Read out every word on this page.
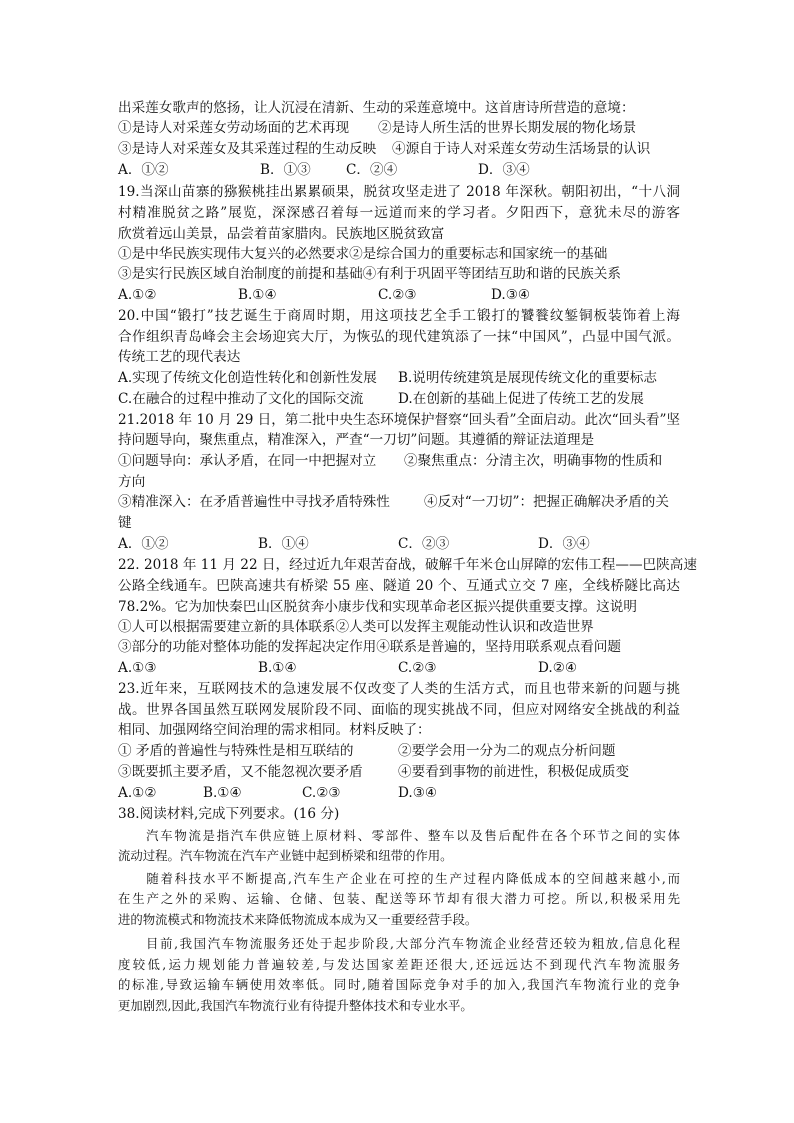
出采莲女歌声的悠扬，让人沉浸在清新、生动的采莲意境中。这首唐诗所营造的意境：
①是诗人对采莲女劳动场面的艺术再现 ②是诗人所生活的世界长期发展的物化场景
③是诗人对采莲女及其采莲过程的生动反映 ④源自于诗人对采莲女劳动生活场景的认识
A．①②	B．①③	C．②④	D．③④
19.当深山苗寨的猕猴桃挂出累累硕果，脱贫攻坚走进了 2018 年深秋。朝阳初出，“十八洞
村精准脱贫之路”展览，深深感召着每一远道而来的学习者。夕阳西下，意犹未尽的游客
欣赏着远山美景，品尝着苗家腊肉。民族地区脱贫致富
①是中华民族实现伟大复兴的必然要求②是综合国力的重要标志和国家统一的基础
③是实行民族区域自治制度的前提和基础④有利于巩固平等团结互助和谐的民族关系
A.①②	B.①④	C.②③	D.③④
20.中国“锻打”技艺诞生于商周时期，用这项技艺全手工锻打的饕餮纹錾铜板装饰着上海
合作组织青岛峰会主会场迎宾大厅，为恢弘的现代建筑添了一抹“中国风”，凸显中国气派。
传统工艺的现代表达
A.实现了传统文化创造性转化和创新性发展 B.说明传统建筑是展现传统文化的重要标志
C.在融合的过程中推动了文化的国际交流	D.在创新的基础上促进了传统工艺的发展
21.2018 年 10 月 29 日，第二批中央生态环境保护督察“回头看”全面启动。此次“回头看”坚
持问题导向，聚焦重点，精准深入，严查“一刀切”问题。其遵循的辩证法道理是
①问题导向：承认矛盾，在同一中把握对立 ②聚焦重点：分清主次，明确事物的性质和
方向
③精准深入：在矛盾普遍性中寻找矛盾特殊性	④反对“一刀切”：把握正确解决矛盾的关
键
A．①②	B．①④	C．②③	D．③④
22. 2018 年 11 月 22 日，经过近九年艰苦奋战，破解千年米仓山屏障的宏伟工程——巴陕高速
公路全线通车。巴陕高速共有桥梁 55 座、隧道 20 个、互通式立交 7 座，全线桥隧比高达
78.2%。它为加快秦巴山区脱贫奔小康步伐和实现革命老区振兴提供重要支撑。这说明
①人可以根据需要建立新的具体联系②人类可以发挥主观能动性认识和改造世界
③部分的功能对整体功能的发挥起决定作用④联系是普遍的，坚持用联系观点看问题
A.①③	B.①④	C.②③	D.②④
23.近年来，互联网技术的急速发展不仅改变了人类的生活方式，而且也带来新的问题与挑
战。世界各国虽然互联网发展阶段不同、面临的现实挑战不同，但应对网络安全挑战的利益
相同、加强网络空间治理的需求相同。材料反映了：
① 矛盾的普遍性与特殊性是相互联结的	②要学会用一分为二的观点分析问题
③既要抓主要矛盾，又不能忽视次要矛盾	④要看到事物的前进性，积极促成质变
A.①②	B.①④	C.②③	D.③④
38.阅读材料,完成下列要求。(16 分)
　　汽车物流是指汽车供应链上原材料、零部件、整车以及售后配件在各个环节之间的实体
流动过程。汽车物流在汽车产业链中起到桥梁和纽带的作用。
　　随着科技水平不断提高,汽车生产企业在可控的生产过程内降低成本的空间越来越小,而
在生产之外的采购、运输、仓储、包装、配送等环节却有很大潜力可挖。所以,积极采用先
进的物流模式和物流技术来降低物流成本成为又一重要经营手段。
　　目前,我国汽车物流服务还处于起步阶段,大部分汽车物流企业经营还较为粗放,信息化程
度较低,运力规划能力普遍较差,与发达国家差距还很大,还远远达不到现代汽车物流服务
的标准,导致运输车辆使用效率低。同时,随着国际竞争对手的加入,我国汽车物流行业的竞争
更加剧烈,因此,我国汽车物流行业有待提升整体技术和专业水平。
